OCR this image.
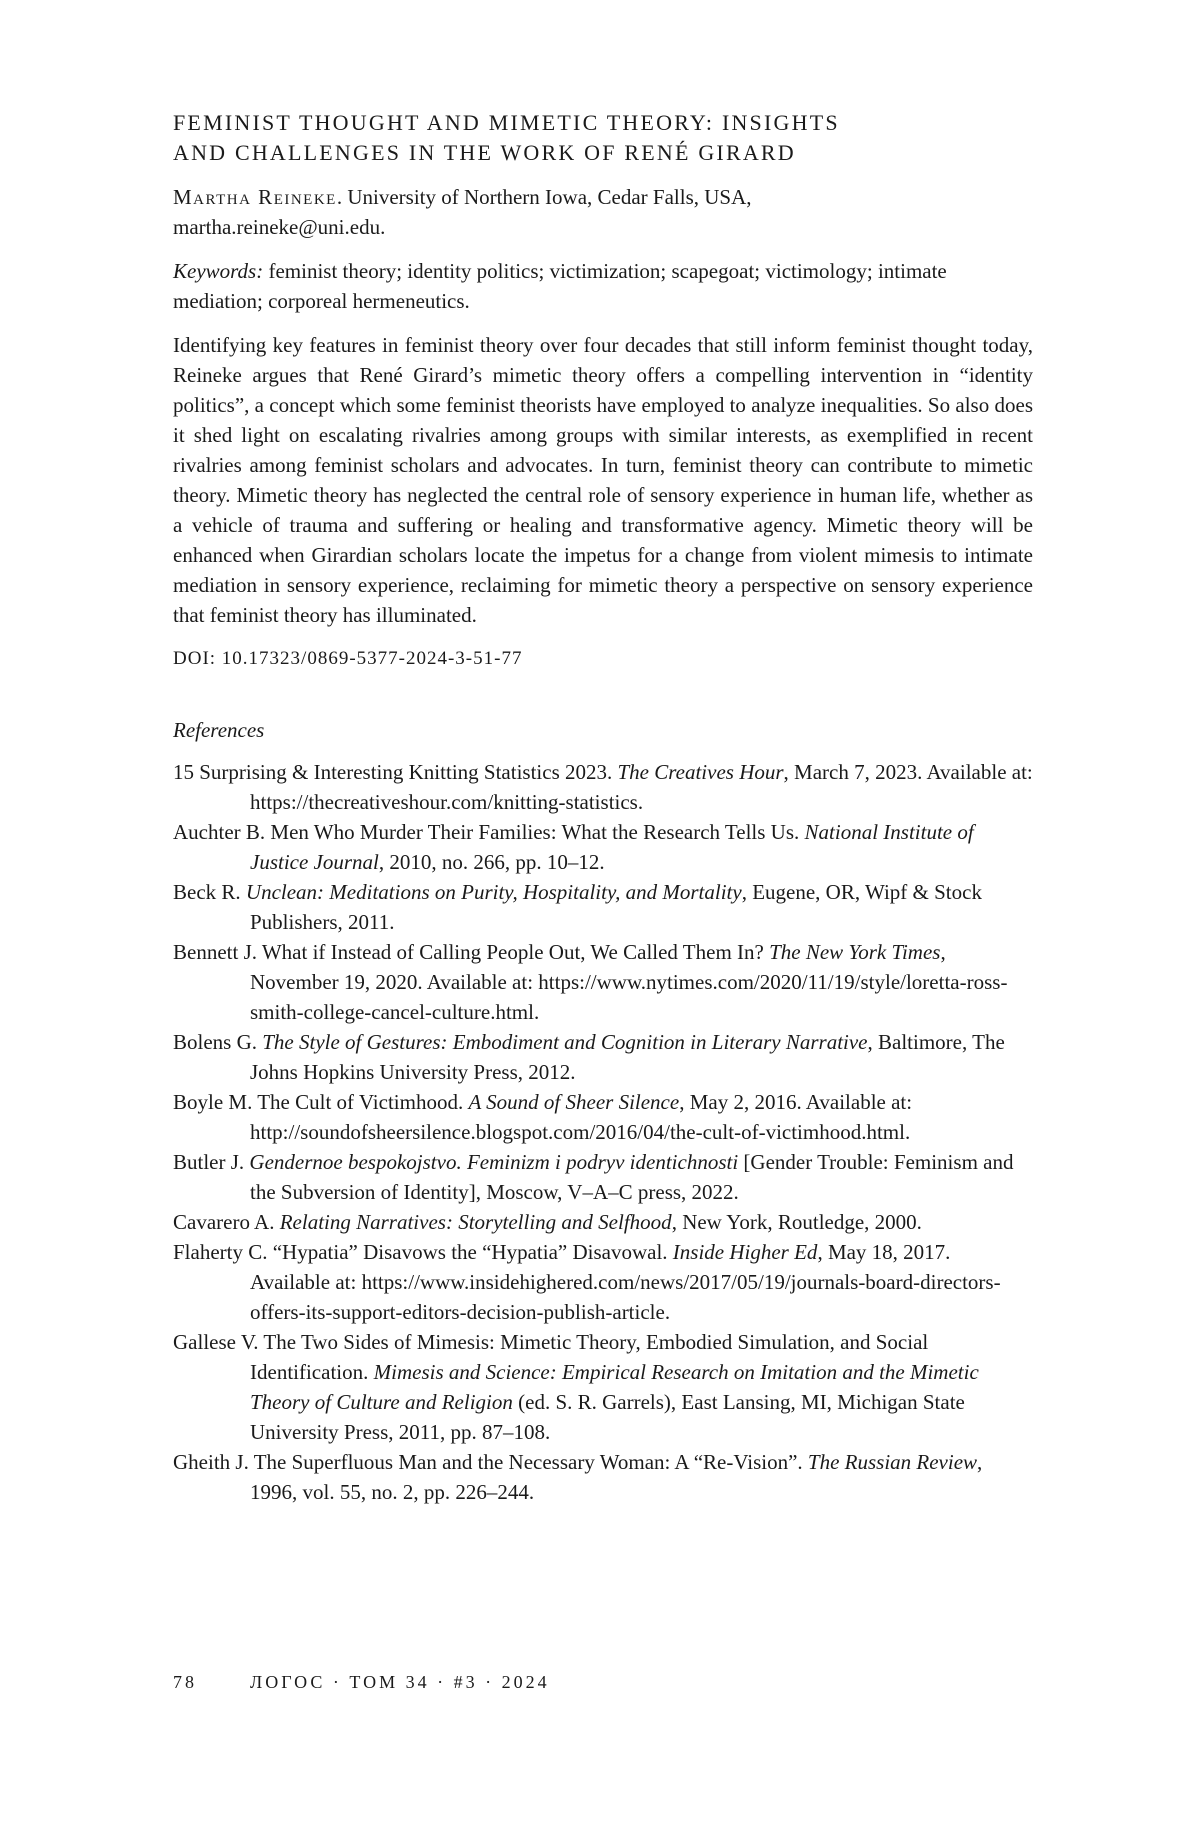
FEMINIST THOUGHT AND MIMETIC THEORY: INSIGHTS
AND CHALLENGES IN THE WORK OF RENÉ GIRARD

Martha Reineke. University of Northern Iowa, Cedar Falls, USA,
martha.reineke@uni.edu.

Keywords: feminist theory; identity politics; victimization; scapegoat; victimology; intimate mediation; corporeal hermeneutics.

Identifying key features in feminist theory over four decades that still inform feminist thought today, Reineke argues that René Girard’s mimetic theory offers a compelling intervention in “identity politics”, a concept which some feminist theorists have employed to analyze inequalities. So also does it shed light on escalating rivalries among groups with similar interests, as exemplified in recent rivalries among feminist scholars and advocates. In turn, feminist theory can contribute to mimetic theory. Mimetic theory has neglected the central role of sensory experience in human life, whether as a vehicle of trauma and suffering or healing and transformative agency. Mimetic theory will be enhanced when Girardian scholars locate the impetus for a change from violent mimesis to intimate mediation in sensory experience, reclaiming for mimetic theory a perspective on sensory experience that feminist theory has illuminated.

DOI: 10.17323/0869-5377-2024-3-51-77

References

15 Surprising & Interesting Knitting Statistics 2023. The Creatives Hour, March 7, 2023. Available at: https://thecreativeshour.com/knitting-statistics.

Auchter B. Men Who Murder Their Families: What the Research Tells Us. National Institute of Justice Journal, 2010, no. 266, pp. 10–12.

Beck R. Unclean: Meditations on Purity, Hospitality, and Mortality, Eugene, OR, Wipf & Stock Publishers, 2011.

Bennett J. What if Instead of Calling People Out, We Called Them In? The New York Times, November 19, 2020. Available at: https://www.nytimes.com/2020/11/19/style/loretta-ross-smith-college-cancel-culture.html.

Bolens G. The Style of Gestures: Embodiment and Cognition in Literary Narrative, Baltimore, The Johns Hopkins University Press, 2012.

Boyle M. The Cult of Victimhood. A Sound of Sheer Silence, May 2, 2016. Available at: http://soundofsheersilence.blogspot.com/2016/04/the-cult-of-victimhood.html.

Butler J. Gendernoe bespokojstvo. Feminizm i podryv identichnosti [Gender Trouble: Feminism and the Subversion of Identity], Moscow, V–A–C press, 2022.

Cavarero A. Relating Narratives: Storytelling and Selfhood, New York, Routledge, 2000.

Flaherty C. “Hypatia” Disavows the “Hypatia” Disavowal. Inside Higher Ed, May 18, 2017. Available at: https://www.insidehighered.com/news/2017/05/19/journals-board-directors-offers-its-support-editors-decision-publish-article.

Gallese V. The Two Sides of Mimesis: Mimetic Theory, Embodied Simulation, and Social Identification. Mimesis and Science: Empirical Research on Imitation and the Mimetic Theory of Culture and Religion (ed. S. R. Garrels), East Lansing, MI, Michigan State University Press, 2011, pp. 87–108.

Gheith J. The Superfluous Man and the Necessary Woman: A “Re-Vision”. The Russian Review, 1996, vol. 55, no. 2, pp. 226–244.

78	ЛОГОС · ТОМ 34 · #3 · 2024
